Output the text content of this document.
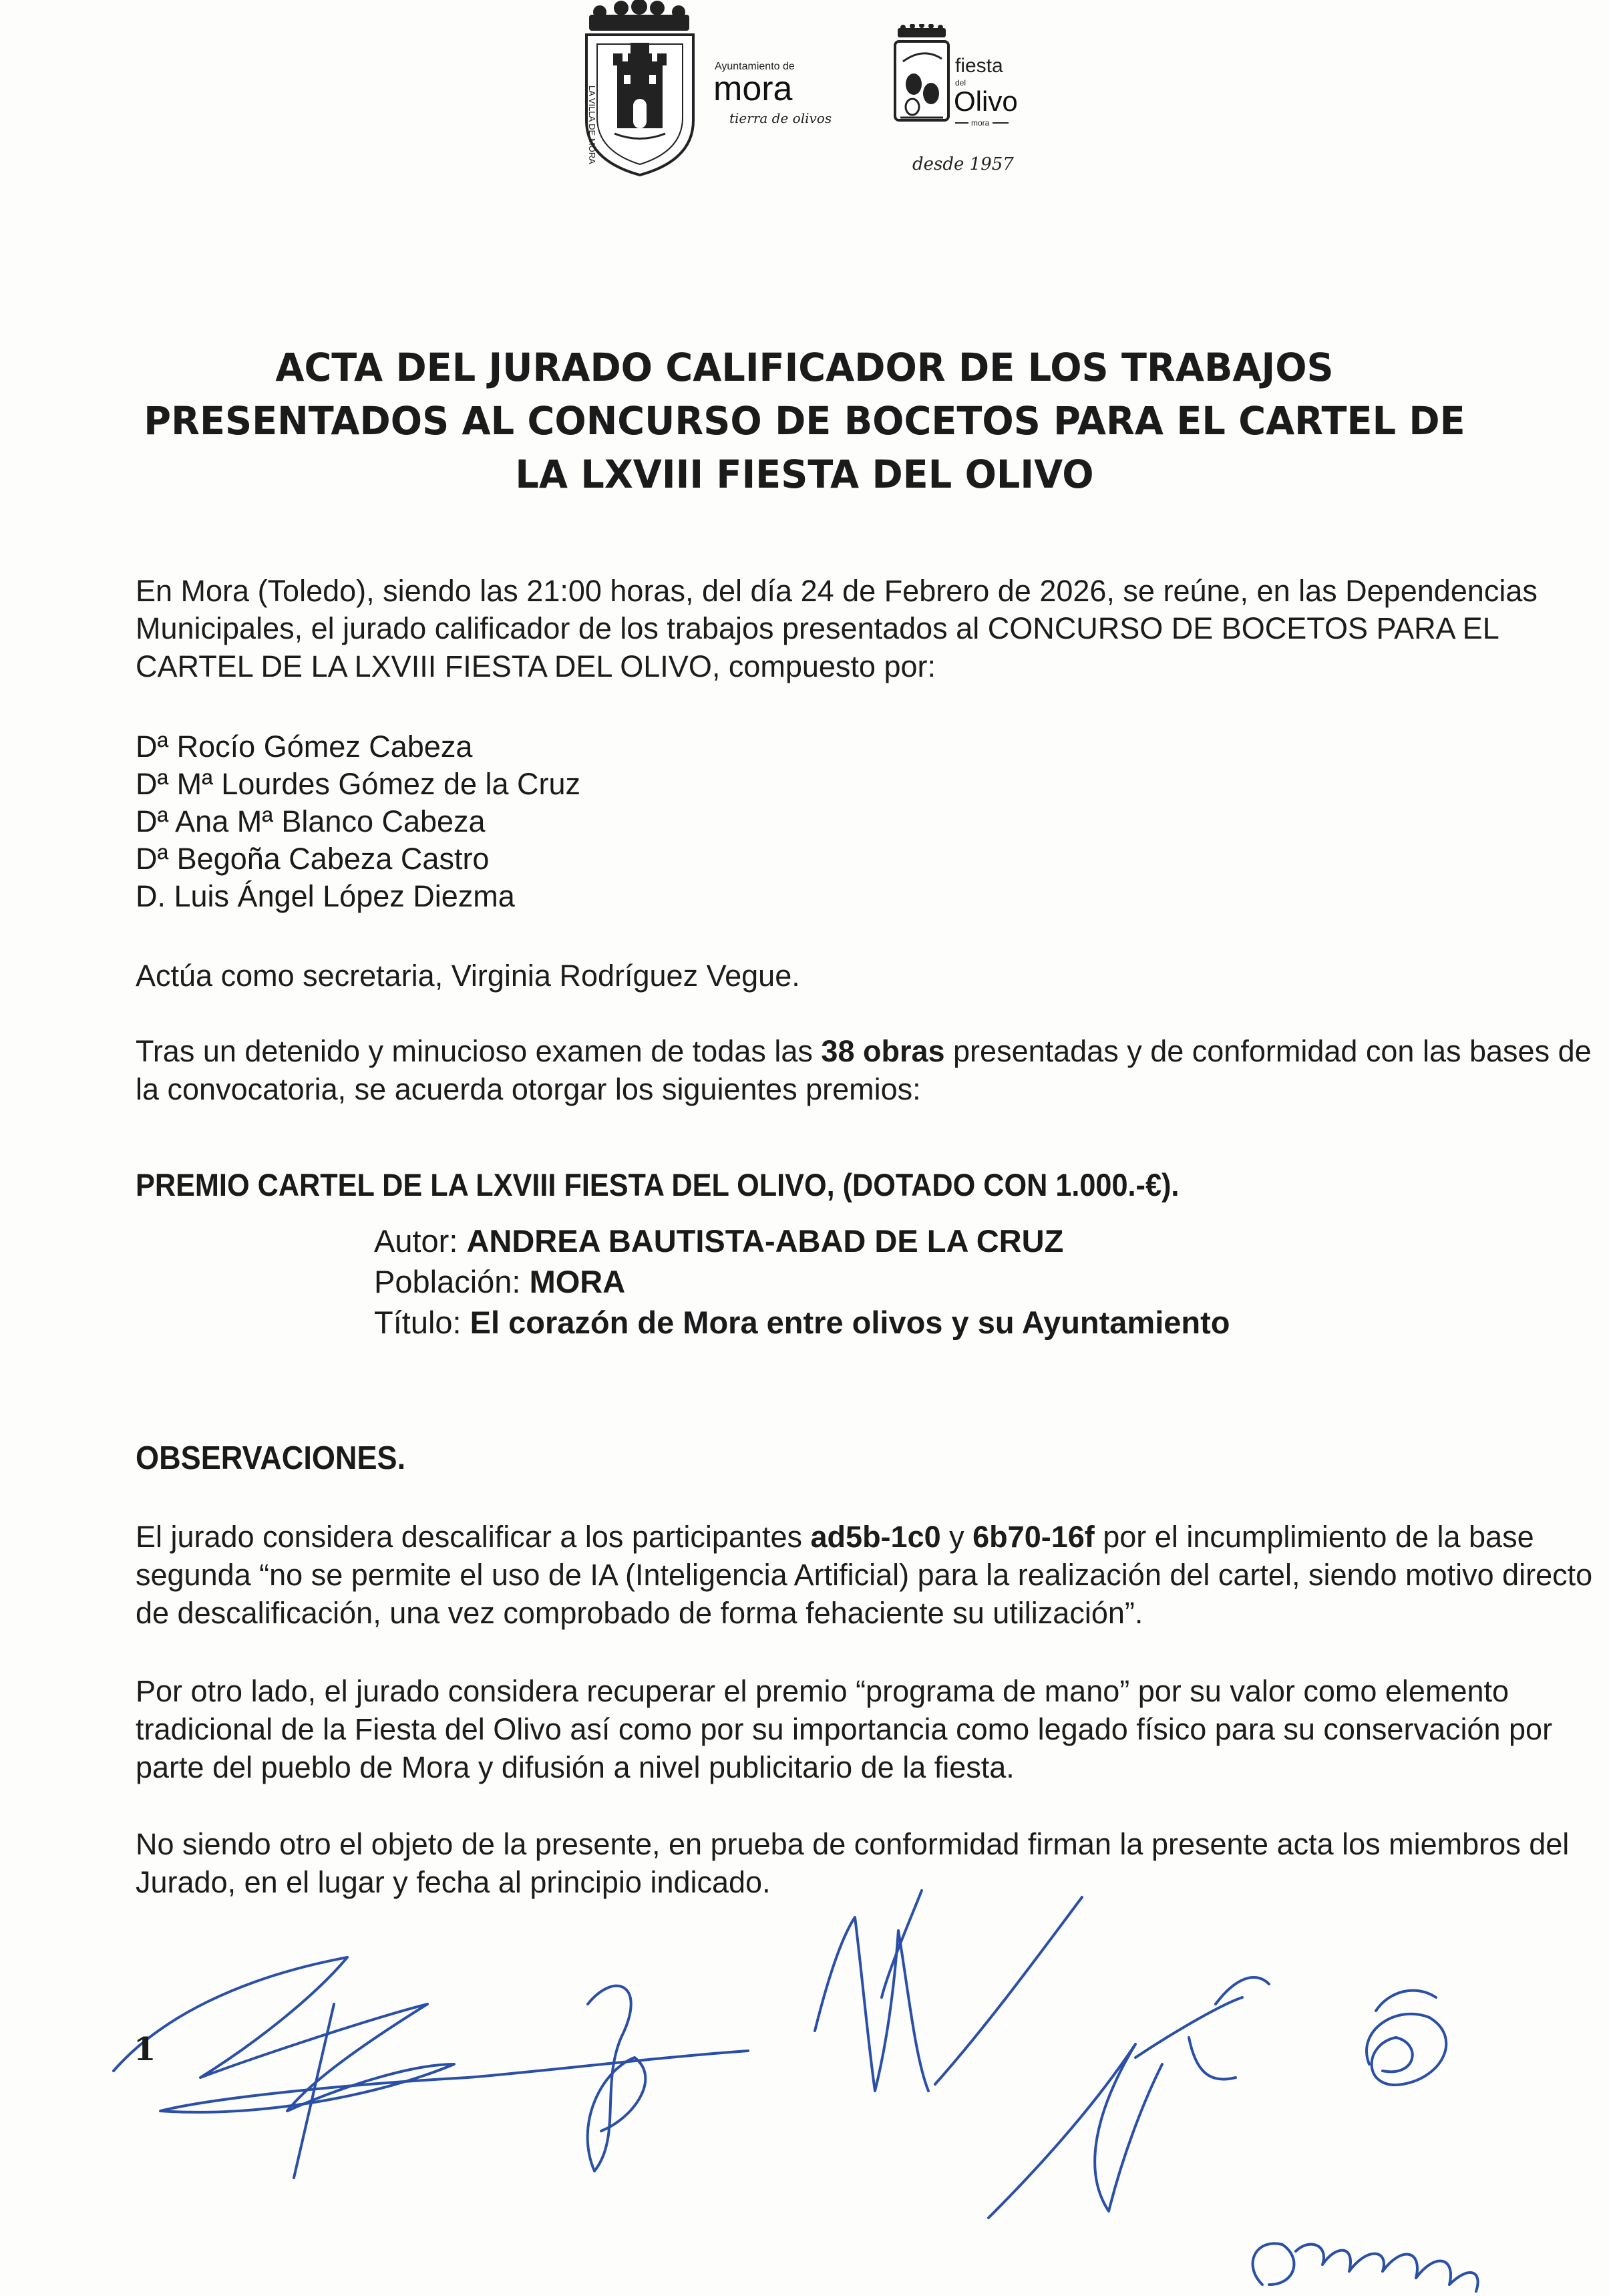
LA VILLA DE MORA
Ayuntamiento de
mora
tierra de olivos
fiesta
del
Olivo
mora
desde 1957
ACTA DEL JURADO CALIFICADOR DE LOS TRABAJOS
PRESENTADOS AL CONCURSO DE BOCETOS PARA EL CARTEL DE
LA LXVIII FIESTA DEL OLIVO
En Mora (Toledo), siendo las 21:00 horas, del día 24 de Febrero de 2026, se reúne, en las Dependencias
Municipales, el jurado calificador de los trabajos presentados al CONCURSO DE BOCETOS PARA EL
CARTEL DE LA LXVIII FIESTA DEL OLIVO, compuesto por:
Dª Rocío Gómez Cabeza
Dª Mª Lourdes Gómez de la Cruz
Dª Ana Mª Blanco Cabeza
Dª Begoña Cabeza Castro
D. Luis Ángel López Diezma
Actúa como secretaria, Virginia Rodríguez Vegue.
Tras un detenido y minucioso examen de todas las 38 obras presentadas y de conformidad con las bases de
la convocatoria, se acuerda otorgar los siguientes premios:
PREMIO CARTEL DE LA LXVIII FIESTA DEL OLIVO, (DOTADO CON 1.000.-€).
Autor: ANDREA BAUTISTA-ABAD DE LA CRUZ
Población: MORA
Título: El corazón de Mora entre olivos y su Ayuntamiento
OBSERVACIONES.
El jurado considera descalificar a los participantes ad5b-1c0 y 6b70-16f por el incumplimiento de la base
segunda “no se permite el uso de IA (Inteligencia Artificial) para la realización del cartel, siendo motivo directo
de descalificación, una vez comprobado de forma fehaciente su utilización”.
Por otro lado, el jurado considera recuperar el premio “programa de mano” por su valor como elemento
tradicional de la Fiesta del Olivo así como por su importancia como legado físico para su conservación por
parte del pueblo de Mora y difusión a nivel publicitario de la fiesta.
No siendo otro el objeto de la presente, en prueba de conformidad firman la presente acta los miembros del
Jurado, en el lugar y fecha al principio indicado.
1
